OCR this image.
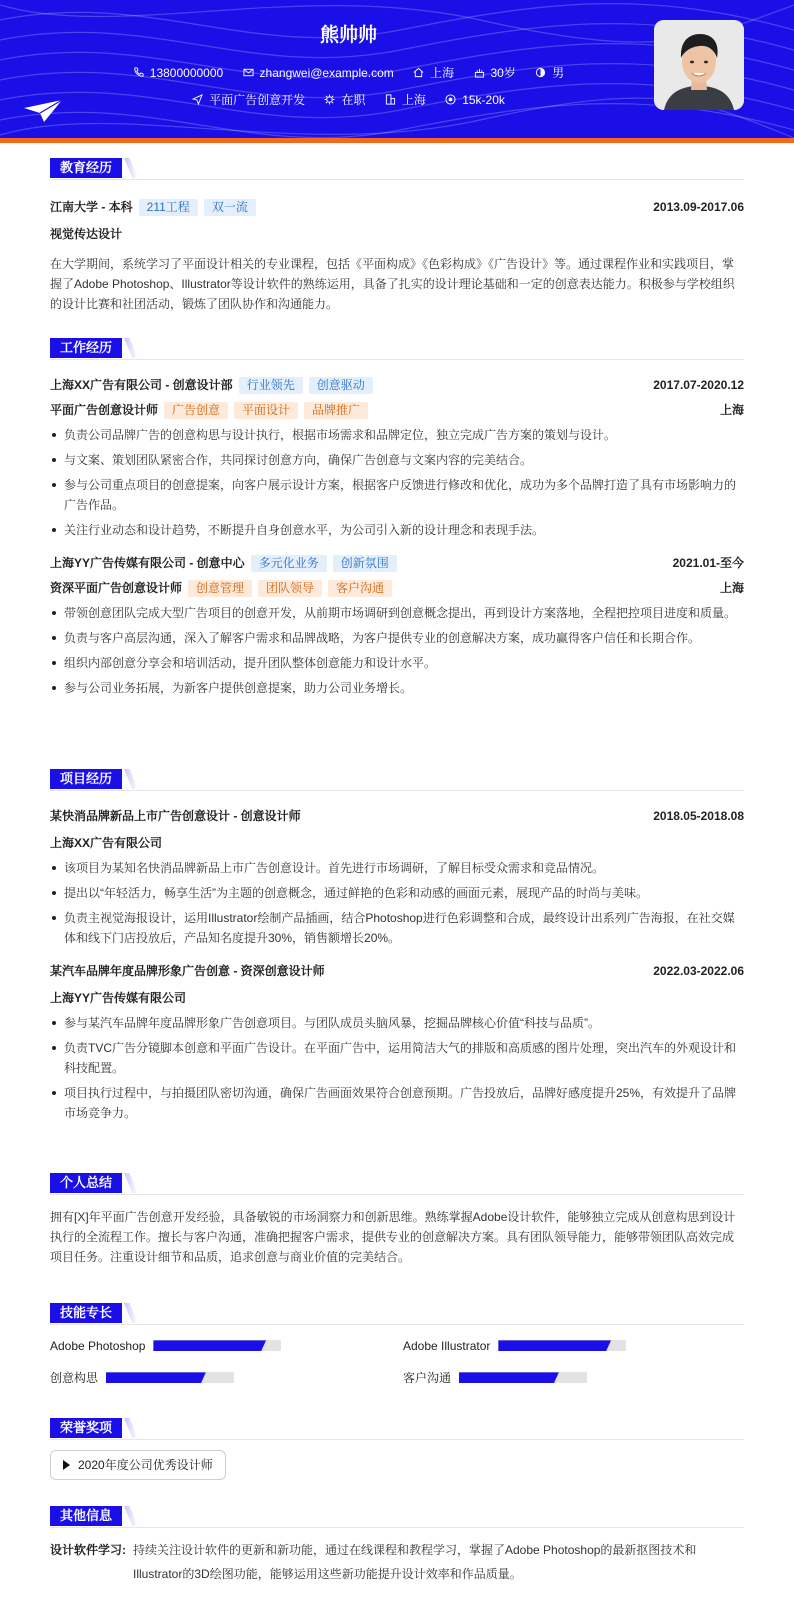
熊帅帅
13800000000	zhangwei@example.com	上海	30岁	男
平面广告创意开发	在职	上海	15k-20k
教育经历
江南大学 - 本科 211工程 双一流	2013.09-2017.06
视觉传达设计
在大学期间，系统学习了平面设计相关的专业课程，包括《平面构成》《色彩构成》《广告设计》等。通过课程作业和实践项目，掌握了Adobe Photoshop、Illustrator等设计软件的熟练运用，具备了扎实的设计理论基础和一定的创意表达能力。积极参与学校组织的设计比赛和社团活动，锻炼了团队协作和沟通能力。
工作经历
上海XX广告有限公司 - 创意设计部 行业领先 创意驱动	2017.07-2020.12
平面广告创意设计师 广告创意 平面设计 品牌推广	上海
负责公司品牌广告的创意构思与设计执行，根据市场需求和品牌定位，独立完成广告方案的策划与设计。
与文案、策划团队紧密合作，共同探讨创意方向，确保广告创意与文案内容的完美结合。
参与公司重点项目的创意提案，向客户展示设计方案，根据客户反馈进行修改和优化，成功为多个品牌打造了具有市场影响力的广告作品。
关注行业动态和设计趋势，不断提升自身创意水平，为公司引入新的设计理念和表现手法。
上海YY广告传媒有限公司 - 创意中心 多元化业务 创新氛围	2021.01-至今
资深平面广告创意设计师 创意管理 团队领导 客户沟通	上海
带领创意团队完成大型广告项目的创意开发，从前期市场调研到创意概念提出，再到设计方案落地，全程把控项目进度和质量。
负责与客户高层沟通，深入了解客户需求和品牌战略，为客户提供专业的创意解决方案，成功赢得客户信任和长期合作。
组织内部创意分享会和培训活动，提升团队整体创意能力和设计水平。
参与公司业务拓展，为新客户提供创意提案，助力公司业务增长。
项目经历
某快消品牌新品上市广告创意设计 - 创意设计师	2018.05-2018.08
上海XX广告有限公司
该项目为某知名快消品牌新品上市广告创意设计。首先进行市场调研，了解目标受众需求和竞品情况。
提出以“年轻活力，畅享生活”为主题的创意概念，通过鲜艳的色彩和动感的画面元素，展现产品的时尚与美味。
负责主视觉海报设计，运用Illustrator绘制产品插画，结合Photoshop进行色彩调整和合成，最终设计出系列广告海报，在社交媒体和线下门店投放后，产品知名度提升30%，销售额增长20%。
某汽车品牌年度品牌形象广告创意 - 资深创意设计师	2022.03-2022.06
上海YY广告传媒有限公司
参与某汽车品牌年度品牌形象广告创意项目。与团队成员头脑风暴，挖掘品牌核心价值“科技与品质”。
负责TVC广告分镜脚本创意和平面广告设计。在平面广告中，运用简洁大气的排版和高质感的图片处理，突出汽车的外观设计和科技配置。
项目执行过程中，与拍摄团队密切沟通，确保广告画面效果符合创意预期。广告投放后，品牌好感度提升25%，有效提升了品牌市场竞争力。
个人总结
拥有[X]年平面广告创意开发经验，具备敏锐的市场洞察力和创新思维。熟练掌握Adobe设计软件，能够独立完成从创意构思到设计执行的全流程工作。擅长与客户沟通，准确把握客户需求，提供专业的创意解决方案。具有团队领导能力，能够带领团队高效完成项目任务。注重设计细节和品质，追求创意与商业价值的完美结合。
技能专长
Adobe Photoshop	Adobe Illustrator
创意构思	客户沟通
荣誉奖项
2020年度公司优秀设计师
其他信息
设计软件学习: 持续关注设计软件的更新和新功能，通过在线课程和教程学习，掌握了Adobe Photoshop的最新抠图技术和Illustrator的3D绘图功能，能够运用这些新功能提升设计效率和作品质量。
